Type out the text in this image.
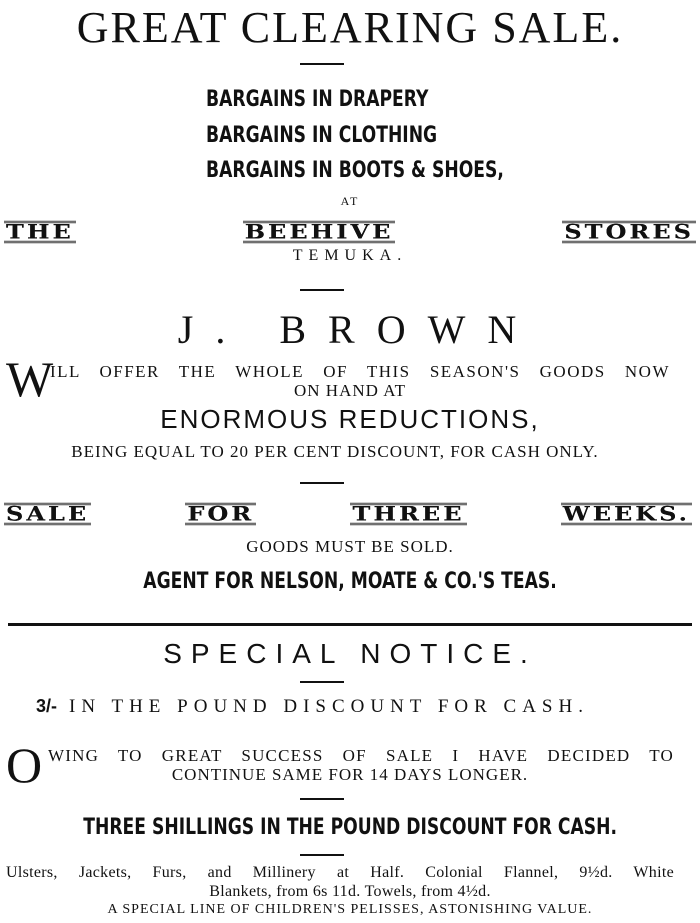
GREAT CLEARING SALE.
BARGAINS IN DRAPERY
BARGAINS IN CLOTHING
BARGAINS IN BOOTS & SHOES,
AT
THE	BEEHIVE	STORES
TEMUKA.
J. BROWN
W
ILL OFFER THE WHOLE OF THIS SEASON'S GOODS NOW
ON HAND AT
ENORMOUS REDUCTIONS,
BEING EQUAL TO 20 PER CENT DISCOUNT, FOR CASH ONLY.
SALE	FOR	THREE	WEEKS.
GOODS MUST BE SOLD.
AGENT FOR NELSON, MOATE & CO.'S TEAS.
SPECIAL NOTICE.
3/- IN THE POUND DISCOUNT FOR CASH.
O WING TO GREAT SUCCESS OF SALE I HAVE DECIDED TO
CONTINUE SAME FOR 14 DAYS LONGER.
THREE SHILLINGS IN THE POUND DISCOUNT FOR CASH.
Ulsters, Jackets, Furs, and Millinery at Half. Colonial Flannel, 9½d. White
Blankets, from 6s 11d. Towels, from 4½d.
A SPECIAL LINE OF CHILDREN'S PELISSES, ASTONISHING VALUE.
